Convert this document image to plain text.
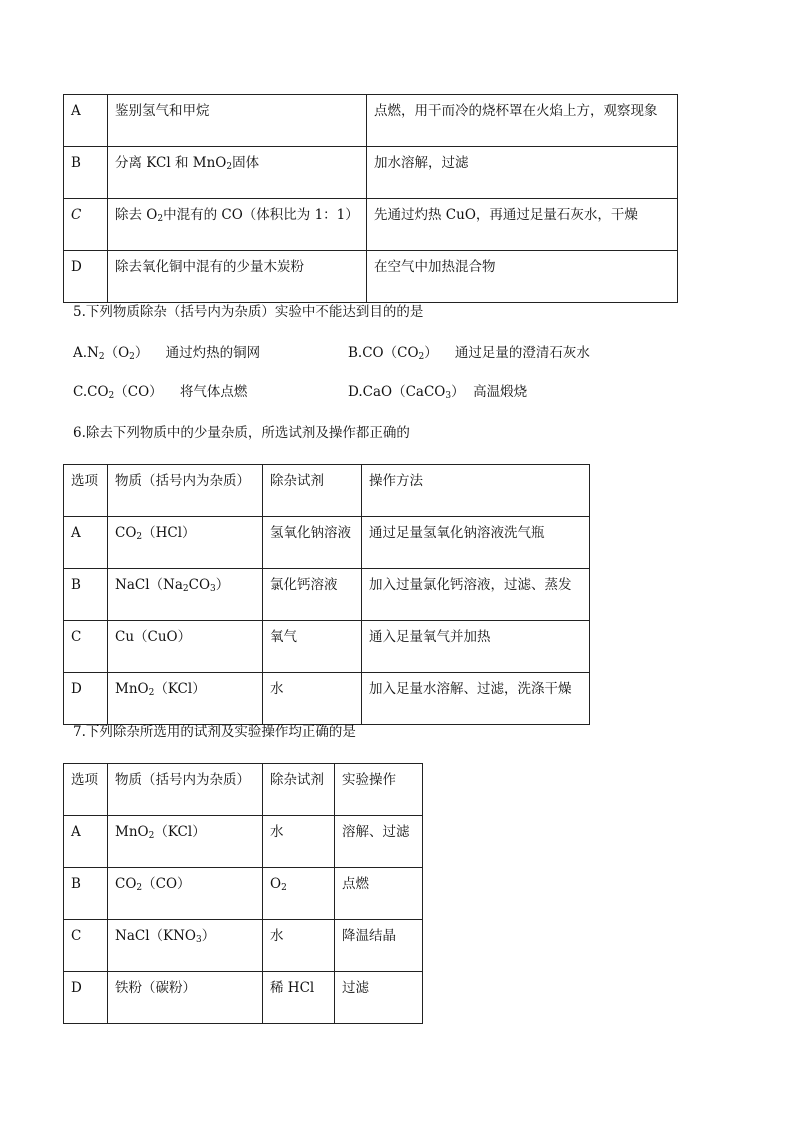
A	鉴别氢气和甲烷	点燃，用干而冷的烧杯罩在火焰上方，观察现象
B	分离 KCl 和 MnO$_2$固体	加水溶解，过滤
C	除去 $O_2$中混有的 CO（体积比为 1：1）	先通过灼热 CuO，再通过足量石灰水，干燥
D	除去氧化铜中混有的少量木炭粉	在空气中加热混合物
5.下列物质除杂（括号内为杂质）实验中不能达到目的的是
$A.N_2(O_2)$    通过灼热的铜网	$B.CO(CO_2)$    通过足量的澄清石灰水
$C.CO_2(CO)$    将气体点燃	D.CaO（CaCO$_3$）  高温煅烧
6.除去下列物质中的少量杂质，所选试剂及操作都正确的
选项	物质（括号内为杂质）	除杂试剂	操作方法
A	$CO_2(HCl)$	氢氧化钠溶液	通过足量氢氧化钠溶液洗气瓶
B	$NaCl(Na_2CO_3)$	氯化钙溶液	加入过量氯化钙溶液，过滤、蒸发
C	Cu（CuO）	氧气	通入足量氧气并加热
D	MnO$_2$（KCl）	水	加入足量水溶解、过滤，洗涤干燥
7.下列除杂所选用的试剂及实验操作均正确的是
选项	物质（括号内为杂质）	除杂试剂	实验操作
A	MnO$_2$（KCl）	水	溶解、过滤
B	$CO_2(CO)$	$O_2$	点燃
C	$NaCl(KNO_3)$	水	降温结晶
D	铁粉（碳粉）	稀 HCl	过滤
